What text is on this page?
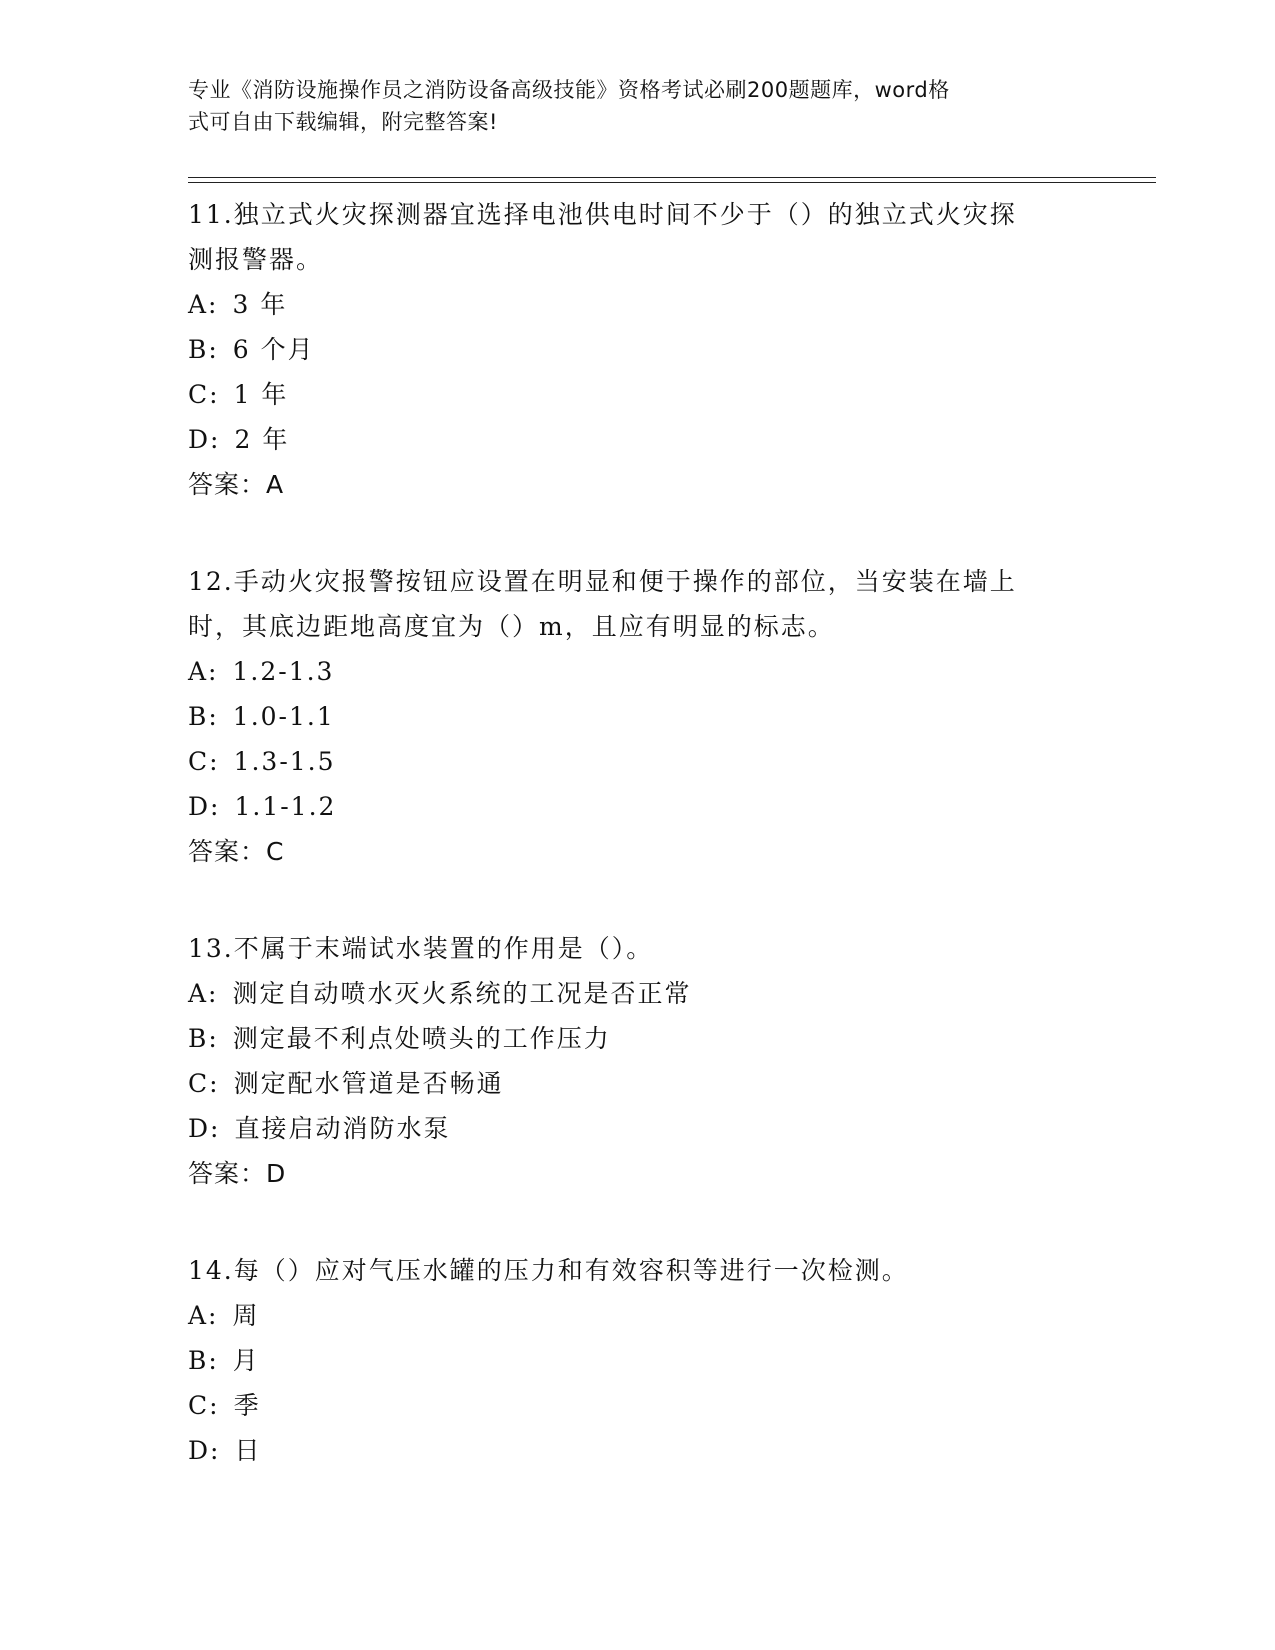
专业《消防设施操作员之消防设备高级技能》资格考试必刷200题题库，word格
式可自由下载编辑，附完整答案!

11.独立式火灾探测器宜选择电池供电时间不少于（）的独立式火灾探
测报警器。

A: 3 年

B: 6 个月

C: 1 年

D: 2 年

答案：A

12.手动火灾报警按钮应设置在明显和便于操作的部位，当安装在墙上
时，其底边距地高度宜为（）m，且应有明显的标志。

A: 1.2-1.3

B: 1.0-1.1

C: 1.3-1.5

D: 1.1-1.2

答案：C

13.不属于末端试水装置的作用是（）。

A: 测定自动喷水灭火系统的工况是否正常

B: 测定最不利点处喷头的工作压力

C: 测定配水管道是否畅通

D: 直接启动消防水泵

答案：D

14.每（）应对气压水罐的压力和有效容积等进行一次检测。

A: 周

B: 月

C: 季

D: 日
